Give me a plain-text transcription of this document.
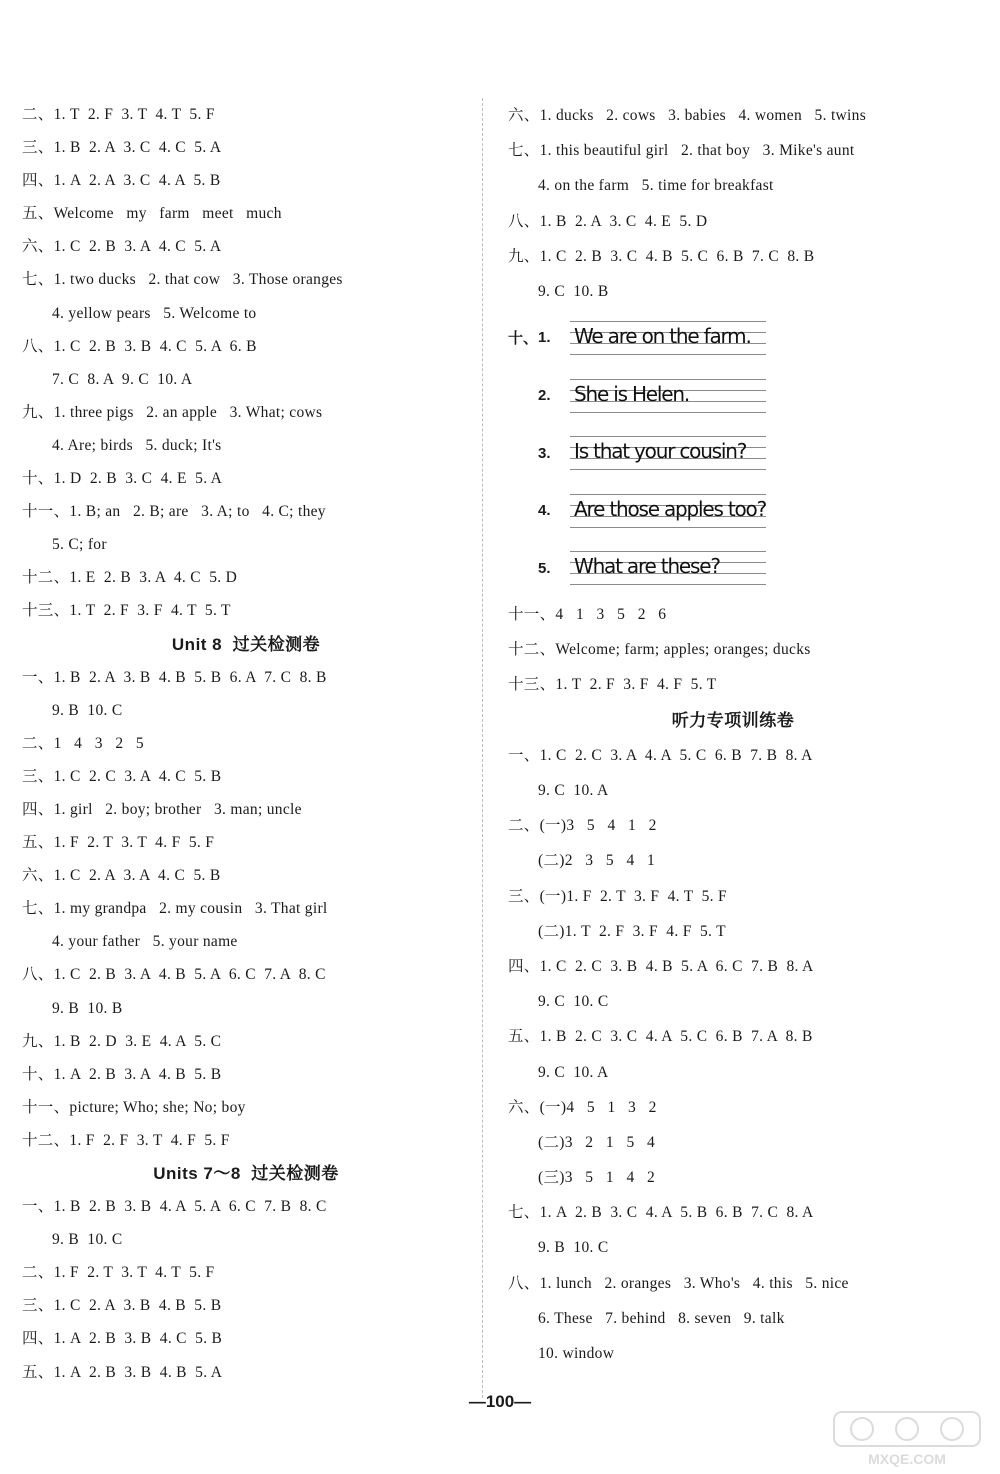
二、1. T  2. F  3. T  4. T  5. F
三、1. B  2. A  3. C  4. C  5. A
四、1. A  2. A  3. C  4. A  5. B
五、Welcome   my   farm   meet   much
六、1. C  2. B  3. A  4. C  5. A
七、1. two ducks   2. that cow   3. Those oranges
4. yellow pears   5. Welcome to
八、1. C  2. B  3. B  4. C  5. A  6. B
7. C  8. A  9. C  10. A
九、1. three pigs   2. an apple   3. What; cows
4. Are; birds   5. duck; It's
十、1. D  2. B  3. C  4. E  5. A
十一、1. B; an   2. B; are   3. A; to   4. C; they
5. C; for
十二、1. E  2. B  3. A  4. C  5. D
十三、1. T  2. F  3. F  4. T  5. T
Unit 8  过关检测卷
一、1. B  2. A  3. B  4. B  5. B  6. A  7. C  8. B
9. B  10. C
二、1   4   3   2   5
三、1. C  2. C  3. A  4. C  5. B
四、1. girl   2. boy; brother   3. man; uncle
五、1. F  2. T  3. T  4. F  5. F
六、1. C  2. A  3. A  4. C  5. B
七、1. my grandpa   2. my cousin   3. That girl
4. your father   5. your name
八、1. C  2. B  3. A  4. B  5. A  6. C  7. A  8. C
9. B  10. B
九、1. B  2. D  3. E  4. A  5. C
十、1. A  2. B  3. A  4. B  5. B
十一、picture; Who; she; No; boy
十二、1. F  2. F  3. T  4. F  5. F
Units 7～8  过关检测卷
一、1. B  2. B  3. B  4. A  5. A  6. C  7. B  8. C
9. B  10. C
二、1. F  2. T  3. T  4. T  5. F
三、1. C  2. A  3. B  4. B  5. B
四、1. A  2. B  3. B  4. C  5. B
五、1. A  2. B  3. B  4. B  5. A
六、1. ducks   2. cows   3. babies   4. women   5. twins
七、1. this beautiful girl   2. that boy   3. Mike's aunt
4. on the farm   5. time for breakfast
八、1. B  2. A  3. C  4. E  5. D
九、1. C  2. B  3. C  4. B  5. C  6. B  7. C  8. B
9. C  10. B
十、 1.	We are on the farm.
2.	She is Helen.
3.	Is that your cousin?
4.	Are those apples too?
5.	What are these?
十一、4   1   3   5   2   6
十二、Welcome; farm; apples; oranges; ducks
十三、1. T  2. F  3. F  4. F  5. T
听力专项训练卷
一、1. C  2. C  3. A  4. A  5. C  6. B  7. B  8. A
9. C  10. A
二、(一)3   5   4   1   2
(二)2   3   5   4   1
三、(一)1. F  2. T  3. F  4. T  5. F
(二)1. T  2. F  3. F  4. F  5. T
四、1. C  2. C  3. B  4. B  5. A  6. C  7. B  8. A
9. C  10. C
五、1. B  2. C  3. C  4. A  5. C  6. B  7. A  8. B
9. C  10. A
六、(一)4   5   1   3   2
(二)3   2   1   5   4
(三)3   5   1   4   2
七、1. A  2. B  3. C  4. A  5. B  6. B  7. C  8. A
9. B  10. C
八、1. lunch   2. oranges   3. Who's   4. this   5. nice
6. These   7. behind   8. seven   9. talk
10. window
—100—
MXQE.COM
